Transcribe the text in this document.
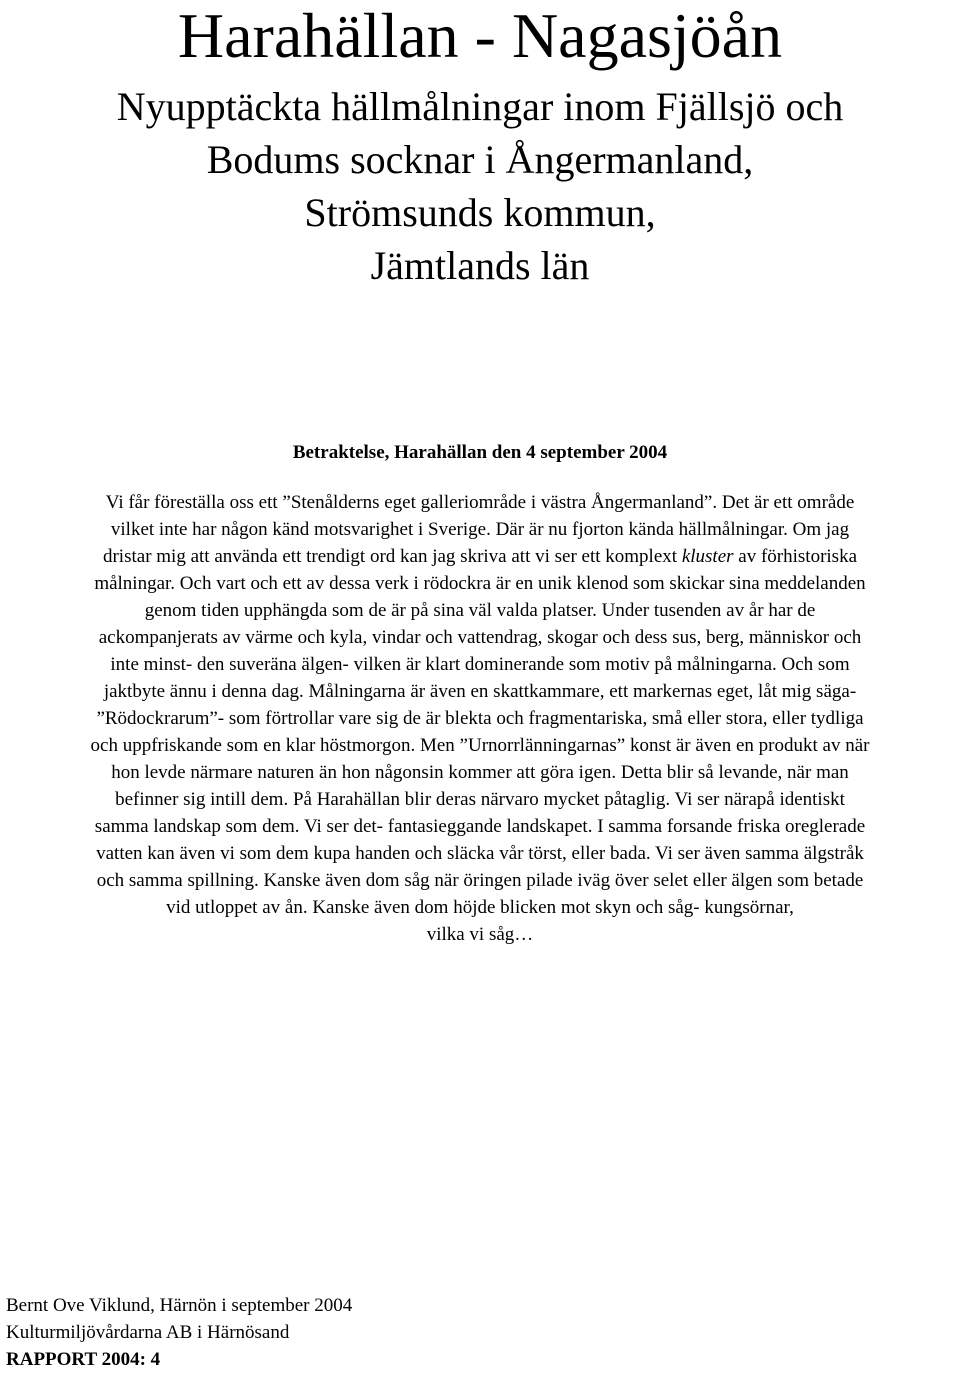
Harahällan - Nagasjöån
Nyupptäckta hällmålningar inom Fjällsjö och
Bodums socknar i Ångermanland,
Strömsunds kommun,
Jämtlands län
Betraktelse, Harahällan den 4 september 2004
Vi får föreställa oss ett ”Stenålderns eget galleriområde i västra Ångermanland”. Det är ett område
vilket inte har någon känd motsvarighet i Sverige. Där är nu fjorton kända hällmålningar. Om jag
dristar mig att använda ett trendigt ord kan jag skriva att vi ser ett komplext kluster av förhistoriska
målningar. Och vart och ett av dessa verk i rödockra är en unik klenod som skickar sina meddelanden
genom tiden upphängda som de är på sina väl valda platser. Under tusenden av år har de
ackompanjerats av värme och kyla, vindar och vattendrag, skogar och dess sus, berg, människor och
inte minst- den suveräna älgen- vilken är klart dominerande som motiv på målningarna. Och som
jaktbyte ännu i denna dag. Målningarna är även en skattkammare, ett markernas eget, låt mig säga-
”Rödockrarum”- som förtrollar vare sig de är blekta och fragmentariska, små eller stora, eller tydliga
och uppfriskande som en klar höstmorgon. Men ”Urnorrlänningarnas” konst är även en produkt av när
hon levde närmare naturen än hon någonsin kommer att göra igen. Detta blir så levande, när man
befinner sig intill dem. På Harahällan blir deras närvaro mycket påtaglig. Vi ser närapå identiskt
samma landskap som dem. Vi ser det- fantasieggande landskapet. I samma forsande friska oreglerade
vatten kan även vi som dem kupa handen och släcka vår törst, eller bada. Vi ser även samma älgstråk
och samma spillning. Kanske även dom såg när öringen pilade iväg över selet eller älgen som betade
vid utloppet av ån. Kanske även dom höjde blicken mot skyn och såg- kungsörnar,
vilka vi såg…
Bernt Ove Viklund, Härnön i september 2004
Kulturmiljövårdarna AB i Härnösand
RAPPORT 2004: 4
